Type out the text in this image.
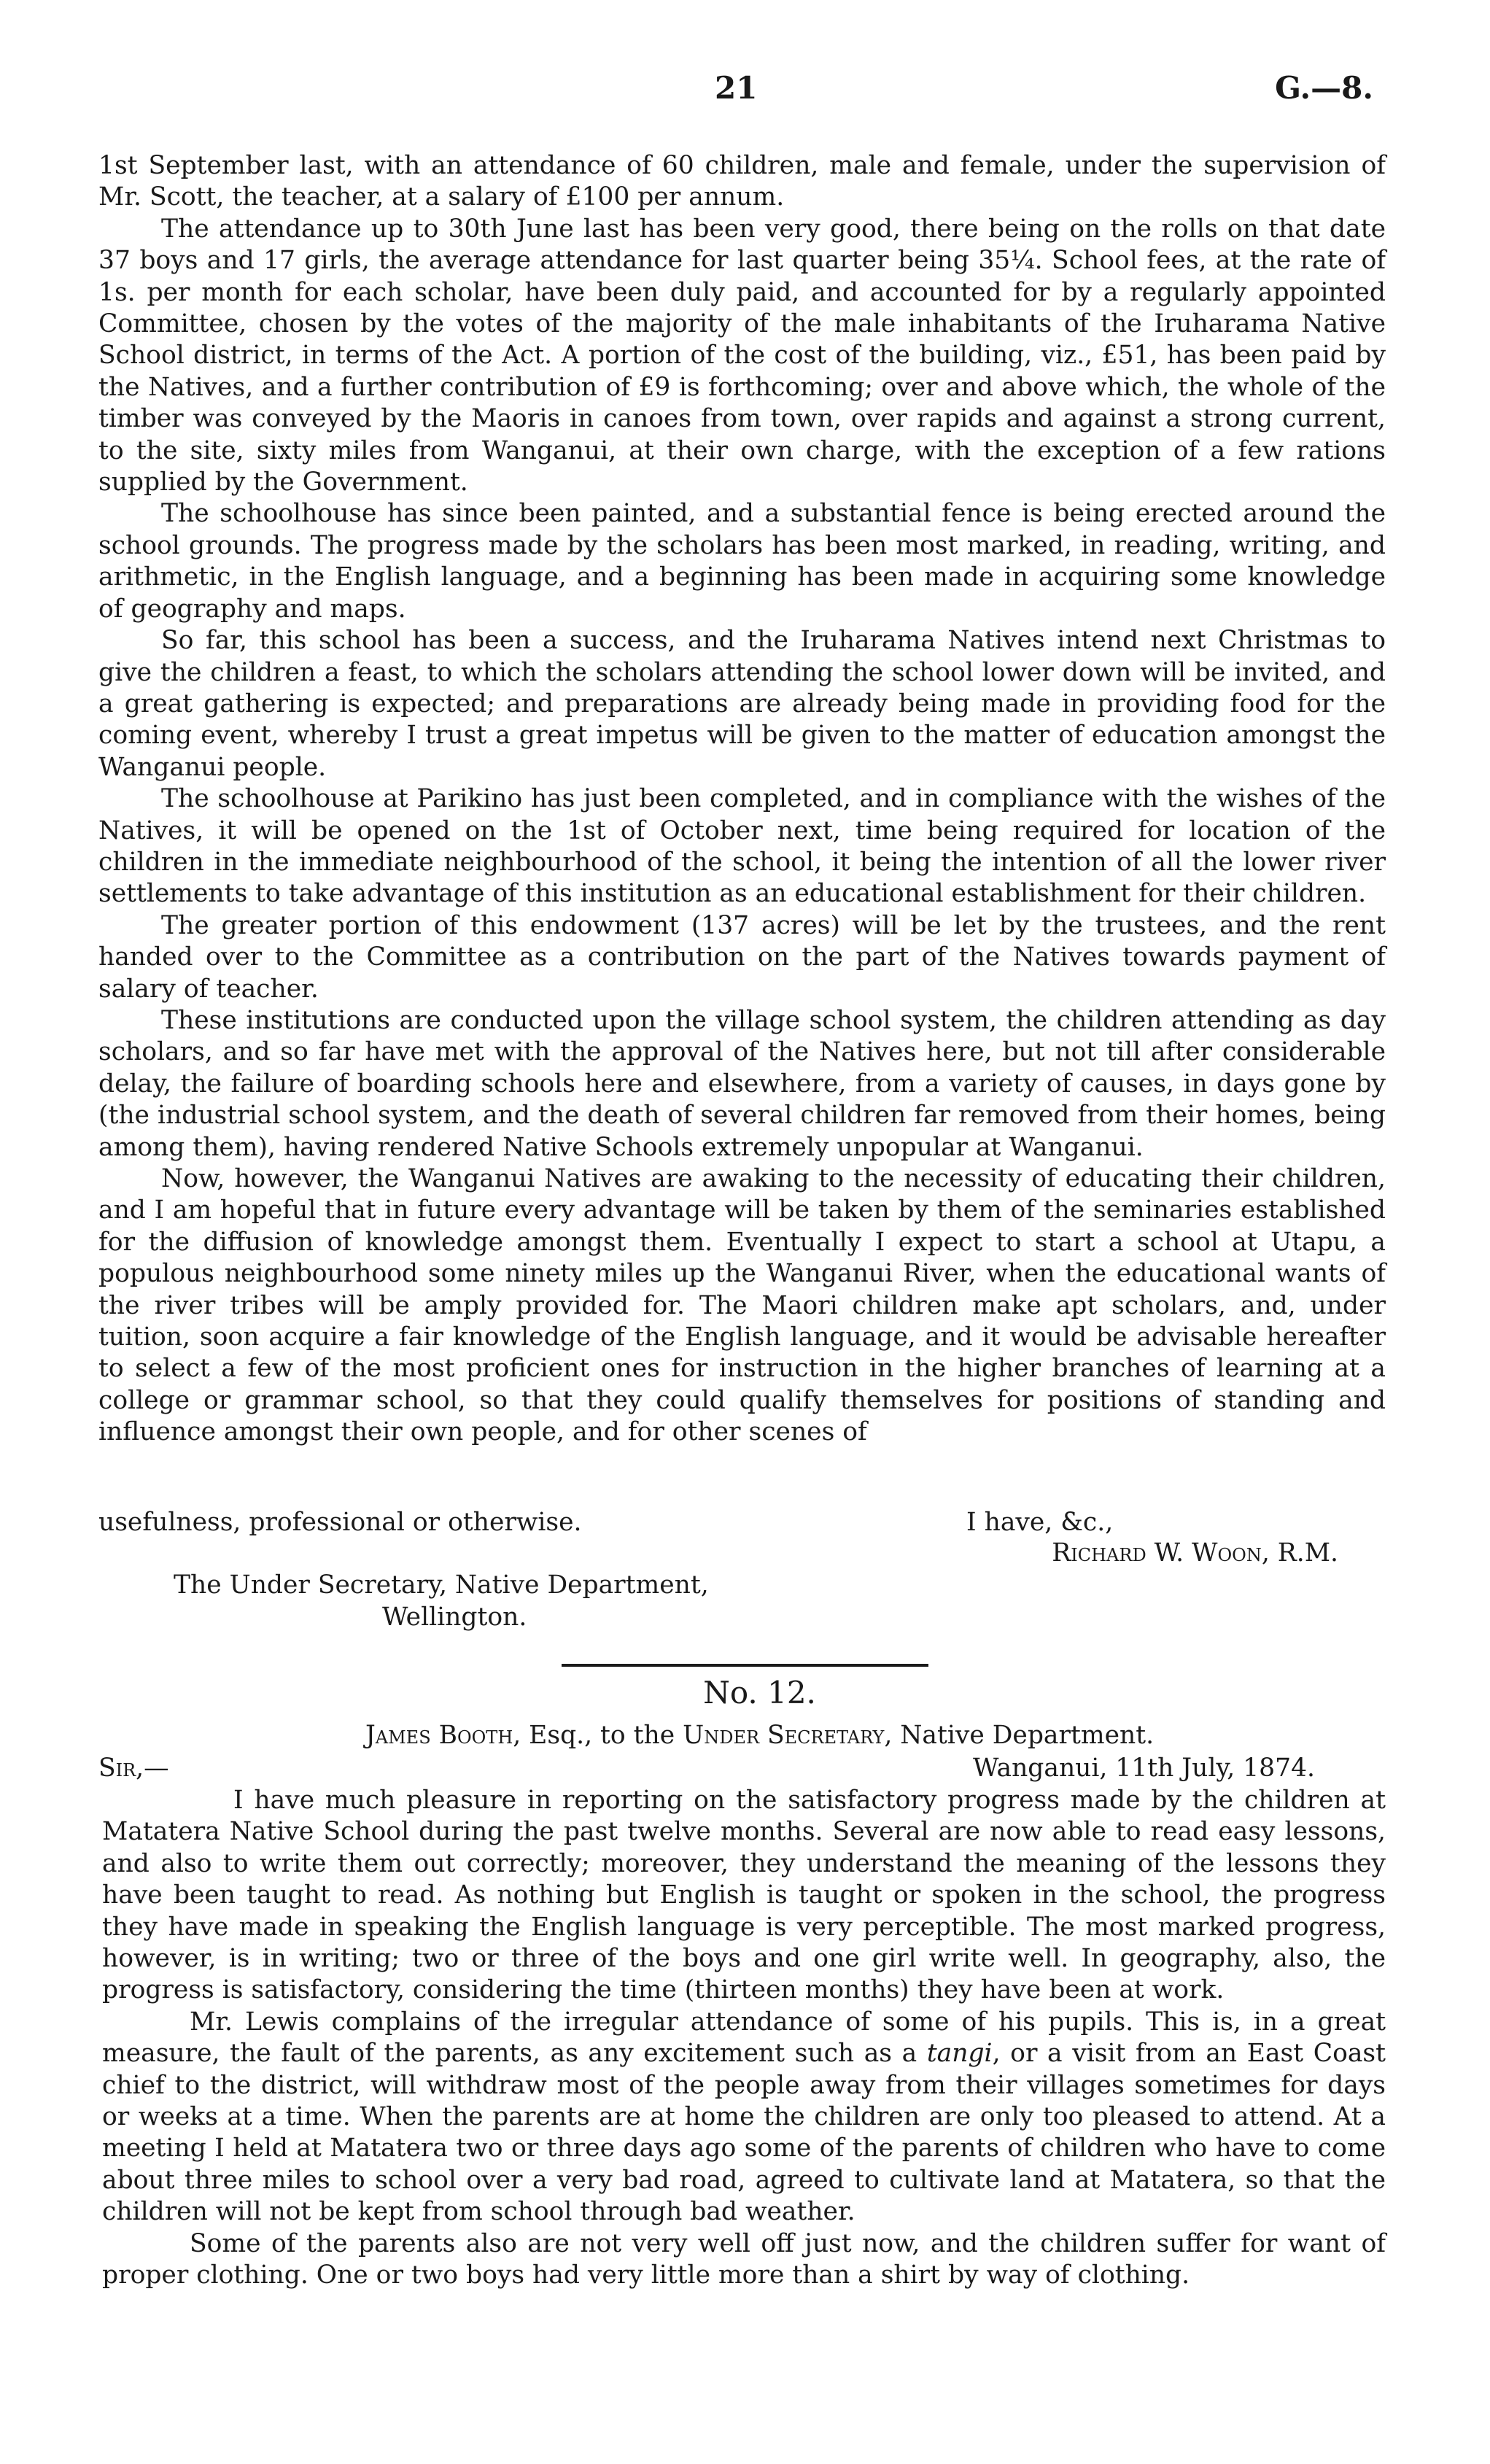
21	G.—8.

1st September last, with an attendance of 60 children, male and female, under the supervision of Mr. Scott, the teacher, at a salary of £100 per annum.

The attendance up to 30th June last has been very good, there being on the rolls on that date 37 boys and 17 girls, the average attendance for last quarter being 35¼. School fees, at the rate of 1s. per month for each scholar, have been duly paid, and accounted for by a regularly appointed Committee, chosen by the votes of the majority of the male inhabitants of the Iruharama Native School district, in terms of the Act. A portion of the cost of the building, viz., £51, has been paid by the Natives, and a further contribution of £9 is forthcoming; over and above which, the whole of the timber was conveyed by the Maoris in canoes from town, over rapids and against a strong current, to the site, sixty miles from Wanganui, at their own charge, with the exception of a few rations supplied by the Government.

The schoolhouse has since been painted, and a substantial fence is being erected around the school grounds. The progress made by the scholars has been most marked, in reading, writing, and arithmetic, in the English language, and a beginning has been made in acquiring some knowledge of geography and maps.

So far, this school has been a success, and the Iruharama Natives intend next Christmas to give the children a feast, to which the scholars attending the school lower down will be invited, and a great gathering is expected; and preparations are already being made in providing food for the coming event, whereby I trust a great impetus will be given to the matter of education amongst the Wanganui people.

The schoolhouse at Parikino has just been completed, and in compliance with the wishes of the Natives, it will be opened on the 1st of October next, time being required for location of the children in the immediate neighbourhood of the school, it being the intention of all the lower river settlements to take advantage of this institution as an educational establishment for their children.

The greater portion of this endowment (137 acres) will be let by the trustees, and the rent handed over to the Committee as a contribution on the part of the Natives towards payment of salary of teacher.

These institutions are conducted upon the village school system, the children attending as day scholars, and so far have met with the approval of the Natives here, but not till after considerable delay, the failure of boarding schools here and elsewhere, from a variety of causes, in days gone by (the industrial school system, and the death of several children far removed from their homes, being among them), having rendered Native Schools extremely unpopular at Wanganui.

Now, however, the Wanganui Natives are awaking to the necessity of educating their children, and I am hopeful that in future every advantage will be taken by them of the seminaries established for the diffusion of knowledge amongst them. Eventually I expect to start a school at Utapu, a populous neighbourhood some ninety miles up the Wanganui River, when the educational wants of the river tribes will be amply provided for. The Maori children make apt scholars, and, under tuition, soon acquire a fair knowledge of the English language, and it would be advisable hereafter to select a few of the most proficient ones for instruction in the higher branches of learning at a college or grammar school, so that they could qualify themselves for positions of standing and influence amongst their own people, and for other scenes of

usefulness, professional or otherwise.	I have, &c.,
Richard W. Woon, R.M.
The Under Secretary, Native Department,
Wellington.
No. 12.
James Booth, Esq., to the Under Secretary, Native Department.
Sir,—	Wanganui, 11th July, 1874.

I have much pleasure in reporting on the satisfactory progress made by the children at Matatera Native School during the past twelve months. Several are now able to read easy lessons, and also to write them out correctly; moreover, they understand the meaning of the lessons they have been taught to read. As nothing but English is taught or spoken in the school, the progress they have made in speaking the English language is very perceptible. The most marked progress, however, is in writing; two or three of the boys and one girl write well. In geography, also, the progress is satisfactory, considering the time (thirteen months) they have been at work.

Mr. Lewis complains of the irregular attendance of some of his pupils. This is, in a great measure, the fault of the parents, as any excitement such as a tangi, or a visit from an East Coast chief to the district, will withdraw most of the people away from their villages sometimes for days or weeks at a time. When the parents are at home the children are only too pleased to attend. At a meeting I held at Matatera two or three days ago some of the parents of children who have to come about three miles to school over a very bad road, agreed to cultivate land at Matatera, so that the children will not be kept from school through bad weather.

Some of the parents also are not very well off just now, and the children suffer for want of proper clothing. One or two boys had very little more than a shirt by way of clothing.
